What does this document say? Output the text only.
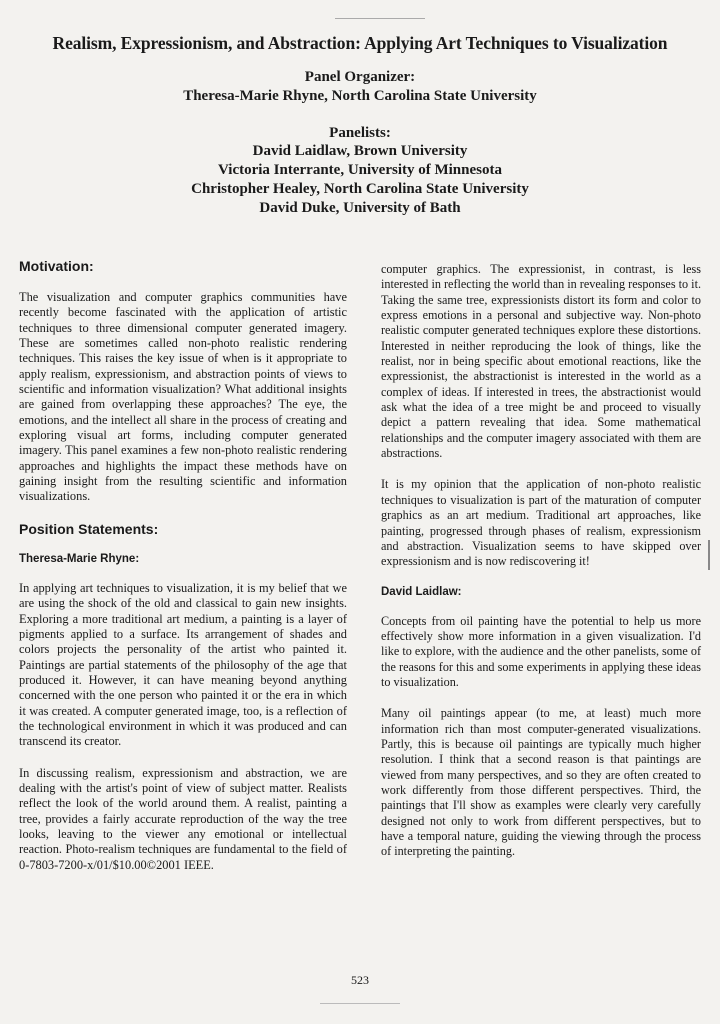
Realism, Expressionism, and Abstraction: Applying Art Techniques to Visualization
Panel Organizer:
Theresa-Marie Rhyne, North Carolina State University
Panelists:
David Laidlaw, Brown University
Victoria Interrante, University of Minnesota
Christopher Healey, North Carolina State University
David Duke, University of Bath
Motivation:

The visualization and computer graphics communities have recently become fascinated with the application of artistic techniques to three dimensional computer generated imagery. These are sometimes called non-photo realistic rendering techniques. This raises the key issue of when is it appropriate to apply realism, expressionism, and abstraction points of views to scientific and information visualization? What additional insights are gained from overlapping these approaches? The eye, the emotions, and the intellect all share in the process of creating and exploring visual art forms, including computer generated imagery. This panel examines a few non-photo realistic rendering approaches and highlights the impact these methods have on gaining insight from the resulting scientific and information visualizations.

Position Statements:
Theresa-Marie Rhyne:

In applying art techniques to visualization, it is my belief that we are using the shock of the old and classical to gain new insights. Exploring a more traditional art medium, a painting is a layer of pigments applied to a surface. Its arrangement of shades and colors projects the personality of the artist who painted it. Paintings are partial statements of the philosophy of the age that produced it. However, it can have meaning beyond anything concerned with the one person who painted it or the era in which it was created. A computer generated image, too, is a reflection of the technological environment in which it was produced and can transcend its creator.

In discussing realism, expressionism and abstraction, we are dealing with the artist's point of view of subject matter. Realists reflect the look of the world around them. A realist, painting a tree, provides a fairly accurate reproduction of the way the tree looks, leaving to the viewer any emotional or intellectual reaction. Photo-realism techniques are fundamental to the field of 0-7803-7200-x/01/$10.00©2001 IEEE.

computer graphics. The expressionist, in contrast, is less interested in reflecting the world than in revealing responses to it. Taking the same tree, expressionists distort its form and color to express emotions in a personal and subjective way. Non-photo realistic computer generated techniques explore these distortions. Interested in neither reproducing the look of things, like the realist, nor in being specific about emotional reactions, like the expressionist, the abstractionist is interested in the world as a complex of ideas. If interested in trees, the abstractionist would ask what the idea of a tree might be and proceed to visually depict a pattern revealing that idea. Some mathematical relationships and the computer imagery associated with them are abstractions.

It is my opinion that the application of non-photo realistic techniques to visualization is part of the maturation of computer graphics as an art medium. Traditional art approaches, like painting, progressed through phases of realism, expressionism and abstraction. Visualization seems to have skipped over expressionism and is now rediscovering it!

David Laidlaw:

Concepts from oil painting have the potential to help us more effectively show more information in a given visualization. I'd like to explore, with the audience and the other panelists, some of the reasons for this and some experiments in applying these ideas to visualization.

Many oil paintings appear (to me, at least) much more information rich than most computer-generated visualizations. Partly, this is because oil paintings are typically much higher resolution. I think that a second reason is that paintings are viewed from many perspectives, and so they are often created to work differently from those different perspectives. Third, the paintings that I'll show as examples were clearly very carefully designed not only to work from different perspectives, but to have a temporal nature, guiding the viewing through the process of interpreting the painting.

523
